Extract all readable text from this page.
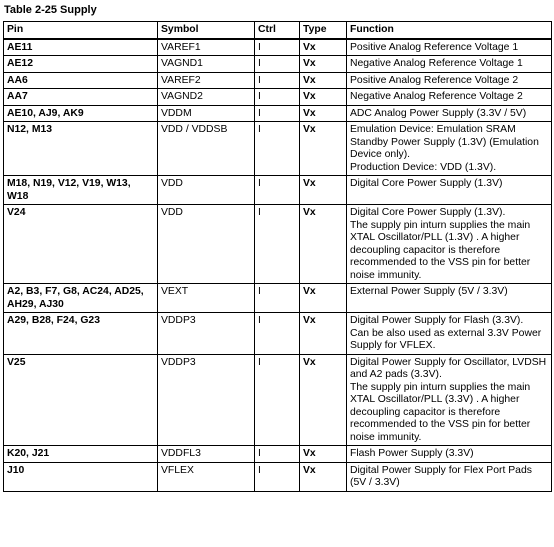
Table 2-25 Supply
Pin	Symbol	Ctrl	Type	Function
AE11	VAREF1	I	Vx	Positive Analog Reference Voltage 1

AE12	VAGND1	I	Vx	Negative Analog Reference Voltage 1

AA6	VAREF2	I	Vx	Positive Analog Reference Voltage 2

AA7	VAGND2	I	Vx	Negative Analog Reference Voltage 2

AE10, AJ9, AK9	VDDM	I	Vx	ADC Analog Power Supply (3.3V / 5V)

N12, M13	VDD / VDDSB	I	Vx	Emulation Device: Emulation SRAM Standby Power Supply (1.3V) (Emulation Device only).
Production Device: VDD (1.3V).

M18, N19, V12, V19, W13, W18	VDD	I	Vx	Digital Core Power Supply (1.3V)

V24	VDD	I	Vx	Digital Core Power Supply (1.3V).
The supply pin inturn supplies the main XTAL Oscillator/PLL (1.3V) . A higher decoupling capacitor is therefore recommended to the VSS pin for better noise immunity.

A2, B3, F7, G8, AC24, AD25, AH29, AJ30	VEXT	I	Vx	External Power Supply (5V / 3.3V)

A29, B28, F24, G23	VDDP3	I	Vx	Digital Power Supply for Flash (3.3V).
Can be also used as external 3.3V Power Supply for VFLEX.

V25	VDDP3	I	Vx	Digital Power Supply for Oscillator, LVDSH and A2 pads (3.3V).
The supply pin inturn supplies the main XTAL Oscillator/PLL (3.3V) . A higher decoupling capacitor is therefore recommended to the VSS pin for better noise immunity.

K20, J21	VDDFL3	I	Vx	Flash Power Supply (3.3V)

J10	VFLEX	I	Vx	Digital Power Supply for Flex Port Pads (5V / 3.3V)
